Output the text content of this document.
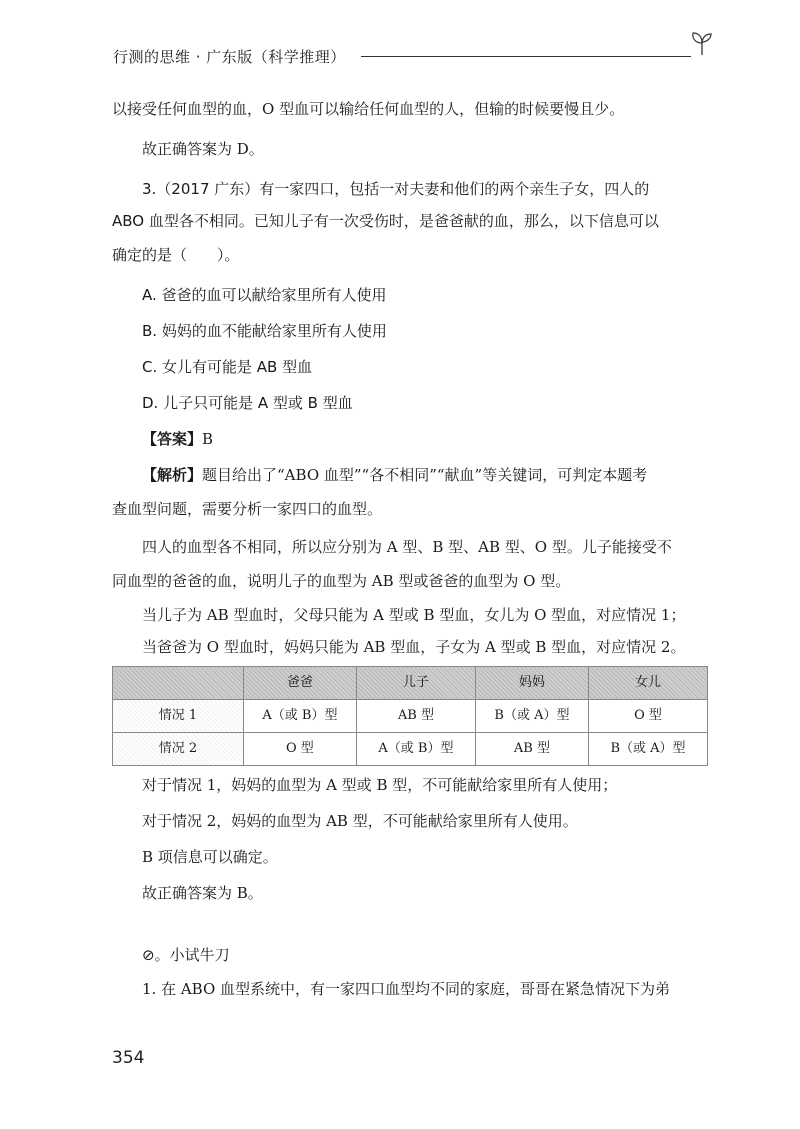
行测的思维 · 广东版（科学推理）

以接受任何血型的血，O 型血可以输给任何血型的人，但输的时候要慢且少。

故正确答案为 D。

3.（2017 广东）有一家四口，包括一对夫妻和他们的两个亲生子女，四人的

ABO 血型各不相同。已知儿子有一次受伤时，是爸爸献的血，那么，以下信息可以

确定的是（　　）。

A. 爸爸的血可以献给家里所有人使用

B. 妈妈的血不能献给家里所有人使用

C. 女儿有可能是 AB 型血

D. 儿子只可能是 A 型或 B 型血

【答案】B

【解析】题目给出了“ABO 血型”“各不相同”“献血”等关键词，可判定本题考

查血型问题，需要分析一家四口的血型。

四人的血型各不相同，所以应分别为 A 型、B 型、AB 型、O 型。儿子能接受不

同血型的爸爸的血，说明儿子的血型为 AB 型或爸爸的血型为 O 型。

当儿子为 AB 型血时，父母只能为 A 型或 B 型血，女儿为 O 型血，对应情况 1；

当爸爸为 O 型血时，妈妈只能为 AB 型血，子女为 A 型或 B 型血，对应情况 2。

	爸爸	儿子	妈妈	女儿
情况 1	A（或 B）型	AB 型	B（或 A）型	O 型
情况 2	O 型	A（或 B）型	AB 型	B（或 A）型

对于情况 1，妈妈的血型为 A 型或 B 型，不可能献给家里所有人使用；

对于情况 2，妈妈的血型为 AB 型，不可能献给家里所有人使用。

B 项信息可以确定。

故正确答案为 B。

⊘。小试牛刀

1. 在 ABO 血型系统中，有一家四口血型均不同的家庭，哥哥在紧急情况下为弟

354
